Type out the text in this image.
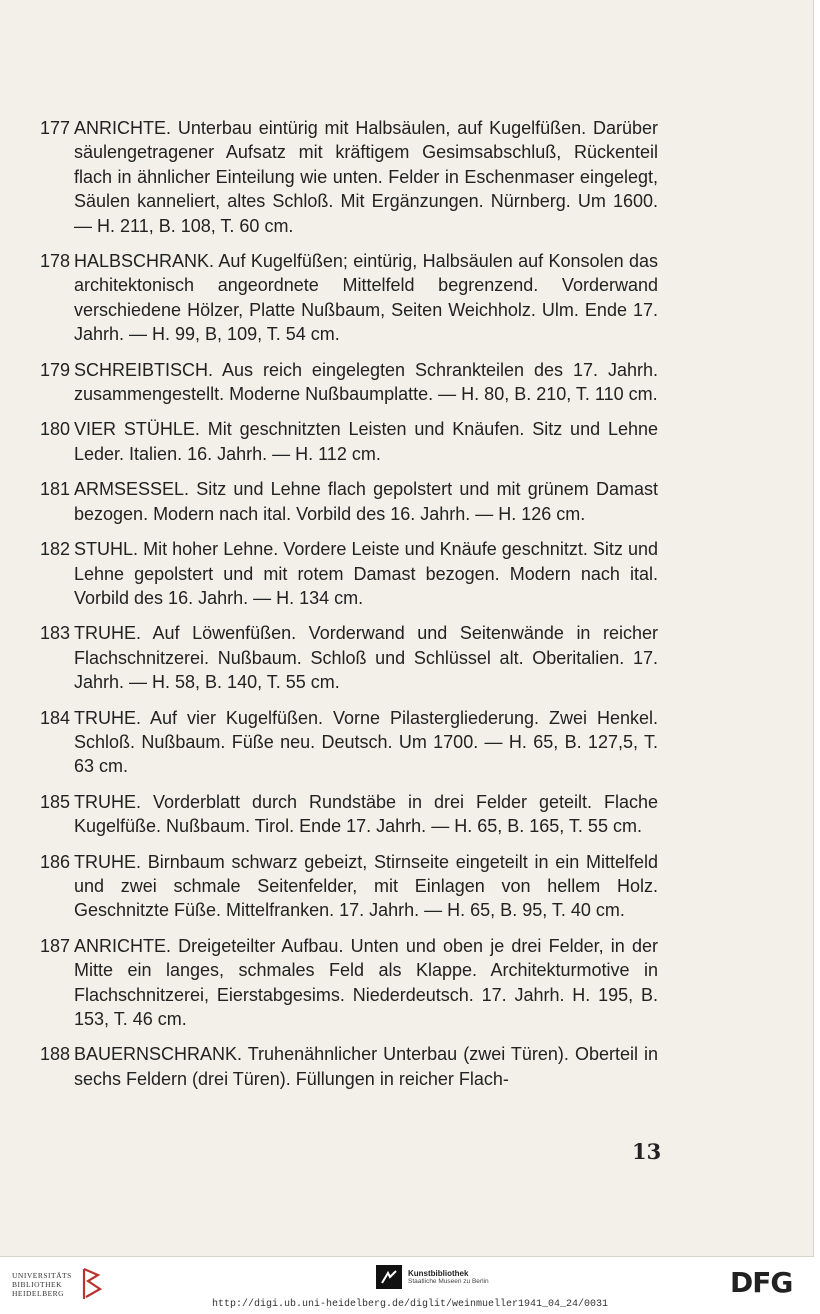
177 ANRICHTE. Unterbau eintürig mit Halbsäulen, auf Kugelfüßen. Darüber säulengetragener Aufsatz mit kräftigem Gesimsabschluß, Rückenteil flach in ähnlicher Einteilung wie unten. Felder in Eschenmaser eingelegt, Säulen kanneliert, altes Schloß. Mit Ergänzungen. Nürnberg. Um 1600. — H. 211, B. 108, T. 60 cm.
178 HALBSCHRANK. Auf Kugelfüßen; eintürig, Halbsäulen auf Konsolen das architektonisch angeordnete Mittelfeld begrenzend. Vorderwand verschiedene Hölzer, Platte Nußbaum, Seiten Weichholz. Ulm. Ende 17. Jahrh. — H. 99, B, 109, T. 54 cm.
179 SCHREIBTISCH. Aus reich eingelegten Schrankteilen des 17. Jahrh. zusammengestellt. Moderne Nußbaumplatte. — H. 80, B. 210, T. 110 cm.
180 VIER STÜHLE. Mit geschnitzten Leisten und Knäufen. Sitz und Lehne Leder. Italien. 16. Jahrh. — H. 112 cm.
181 ARMSESSEL. Sitz und Lehne flach gepolstert und mit grünem Damast bezogen. Modern nach ital. Vorbild des 16. Jahrh. — H. 126 cm.
182 STUHL. Mit hoher Lehne. Vordere Leiste und Knäufe geschnitzt. Sitz und Lehne gepolstert und mit rotem Damast bezogen. Modern nach ital. Vorbild des 16. Jahrh. — H. 134 cm.
183 TRUHE. Auf Löwenfüßen. Vorderwand und Seitenwände in reicher Flachschnitzerei. Nußbaum. Schloß und Schlüssel alt. Oberitalien. 17. Jahrh. — H. 58, B. 140, T. 55 cm.
184 TRUHE. Auf vier Kugelfüßen. Vorne Pilastergliederung. Zwei Henkel. Schloß. Nußbaum. Füße neu. Deutsch. Um 1700. — H. 65, B. 127,5, T. 63 cm.
185 TRUHE. Vorderblatt durch Rundstäbe in drei Felder geteilt. Flache Kugelfüße. Nußbaum. Tirol. Ende 17. Jahrh. — H. 65, B. 165, T. 55 cm.
186 TRUHE. Birnbaum schwarz gebeizt, Stirnseite eingeteilt in ein Mittelfeld und zwei schmale Seitenfelder, mit Einlagen von hellem Holz. Geschnitzte Füße. Mittelfranken. 17. Jahrh. — H. 65, B. 95, T. 40 cm.
187 ANRICHTE. Dreigeteilter Aufbau. Unten und oben je drei Felder, in der Mitte ein langes, schmales Feld als Klappe. Architekturmotive in Flachschnitzerei, Eierstabgesims. Niederdeutsch. 17. Jahrh. H. 195, B. 153, T. 46 cm.
188 BAUERNSCHRANK. Truhenähnlicher Unterbau (zwei Türen). Oberteil in sechs Feldern (drei Türen). Füllungen in reicher Flach-
13
UNIVERSITÄTS
BIBLIOTHEK
HEIDELBERG
Kunstbibliothek
Staatliche Museen zu Berlin	DFG
http://digi.ub.uni-heidelberg.de/diglit/weinmueller1941_04_24/0031
